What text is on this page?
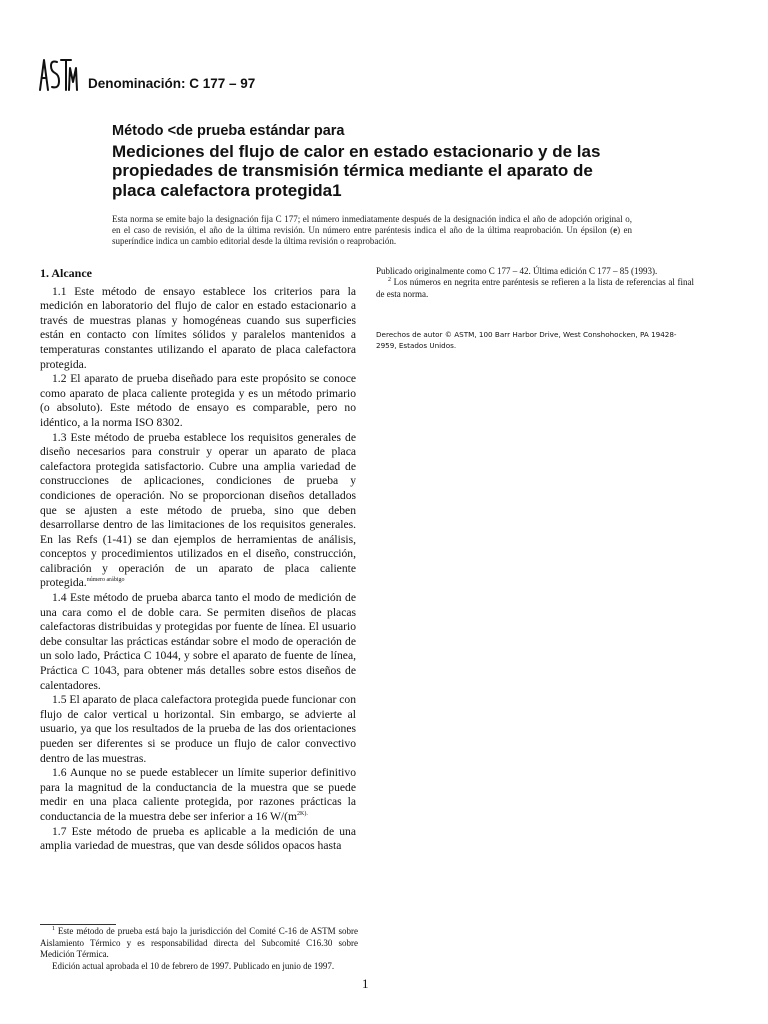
Denominación: C 177 – 97
Método <de prueba estándar para
Mediciones del flujo de calor en estado estacionario y de las
propiedades de transmisión térmica mediante el aparato de
placa calefactora protegida1
Esta norma se emite bajo la designación fija C 177; el número inmediatamente después de la designación indica el año de adopción original o, en el caso de revisión, el año de la última revisión. Un número entre paréntesis indica el año de la última reaprobación. Un épsilon (e) en superíndice indica un cambio editorial desde la última revisión o reaprobación.
1. Alcance

1.1 Este método de ensayo establece los criterios para la medición en laboratorio del flujo de calor en estado estacionario a través de muestras planas y homogéneas cuando sus superficies están en contacto con límites sólidos y paralelos mantenidos a temperaturas constantes utilizando el aparato de placa calefactora protegida.

1.2 El aparato de prueba diseñado para este propósito se conoce como aparato de placa caliente protegida y es un método primario (o absoluto). Este método de ensayo es comparable, pero no idéntico, a la norma ISO 8302.

1.3 Este método de prueba establece los requisitos generales de diseño necesarios para construir y operar un aparato de placa calefactora protegida satisfactorio. Cubre una amplia variedad de construcciones de aplicaciones, condiciones de prueba y condiciones de operación. No se proporcionan diseños detallados que se ajusten a este método de prueba, sino que deben desarrollarse dentro de las limitaciones de los requisitos generales. En las Refs (1-41) se dan ejemplos de herramientas de análisis, conceptos y procedimientos utilizados en el diseño, construcción, calibración y operación de un aparato de placa caliente protegida.$^{número arábigo}$

1.4 Este método de prueba abarca tanto el modo de medición de una cara como el de doble cara. Se permiten diseños de placas calefactoras distribuidas y protegidas por fuente de línea. El usuario debe consultar las prácticas estándar sobre el modo de operación de un solo lado, Práctica C 1044, y sobre el aparato de fuente de línea, Práctica C 1043, para obtener más detalles sobre estos diseños de calentadores.

1.5 El aparato de placa calefactora protegida puede funcionar con flujo de calor vertical u horizontal. Sin embargo, se advierte al usuario, ya que los resultados de la prueba de las dos orientaciones pueden ser diferentes si se produce un flujo de calor convectivo dentro de las muestras.

1.6 Aunque no se puede establecer un límite superior definitivo para la magnitud de la conductancia de la muestra que se puede medir en una placa caliente protegida, por razones prácticas la conductancia de la muestra debe ser inferior a 16 $W/(m^{2K).}$

1.7 Este método de prueba es aplicable a la medición de una amplia variedad de muestras, que van desde sólidos opacos hasta

Publicado originalmente como C 177 – 42. Última edición C 177 – 85 (1993).

$^2$ Los números en negrita entre paréntesis se refieren a la lista de referencias al final de esta norma.

Derechos de autor © ASTM, 100 Barr Harbor Drive, West Conshohocken, PA 19428-2959, Estados Unidos.

$^1$ Este método de prueba está bajo la jurisdicción del Comité C-16 de ASTM sobre Aislamiento Térmico y es responsabilidad directa del Subcomité C16.30 sobre Medición Térmica.

Edición actual aprobada el 10 de febrero de 1997. Publicado en junio de 1997.

1
